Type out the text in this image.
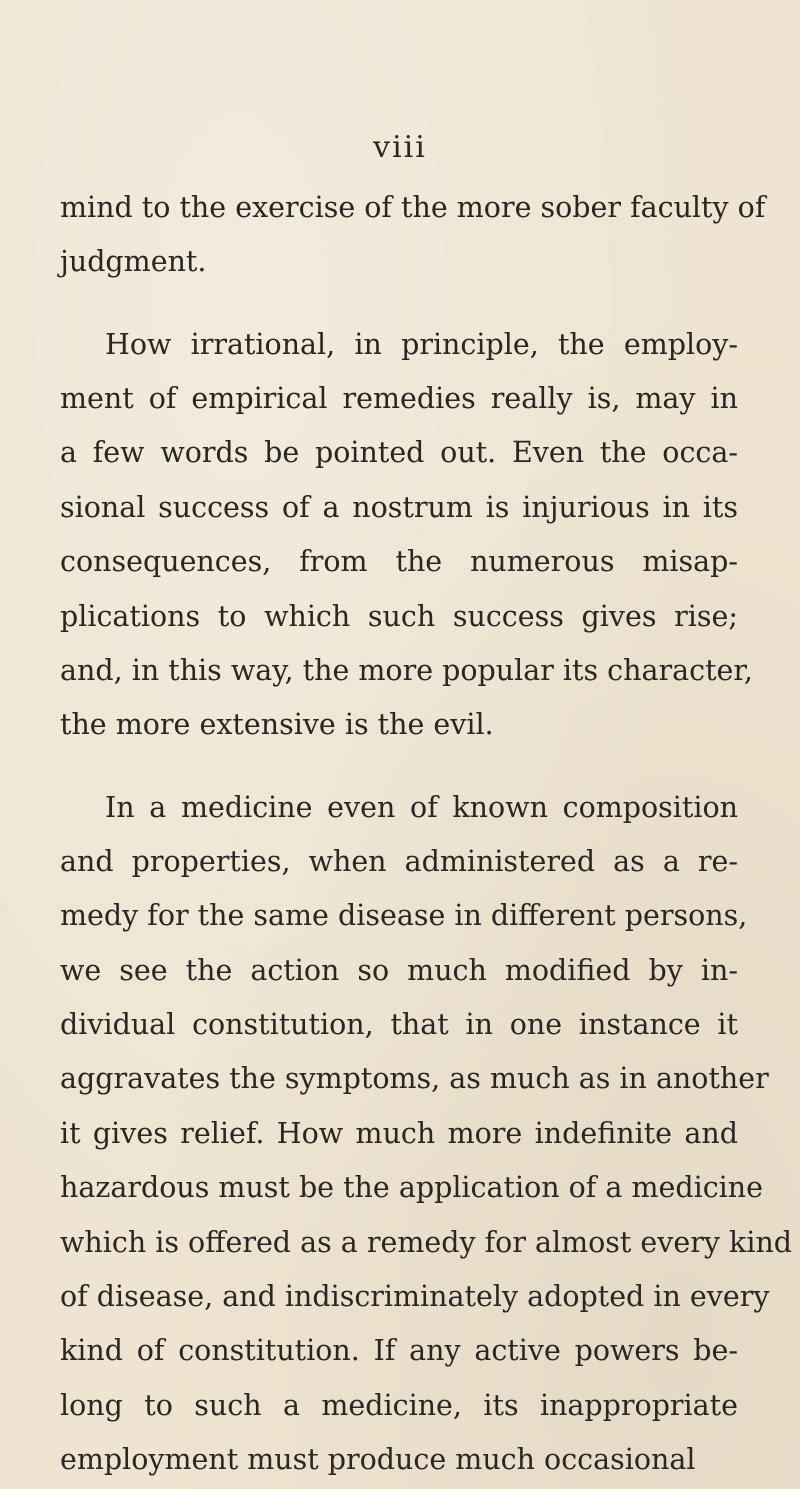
viii
mind to the exercise of the more sober faculty of
judgment.
How irrational, in principle, the employ-
ment of empirical remedies really is, may in
a few words be pointed out. Even the occa-
sional success of a nostrum is injurious in its
consequences, from the numerous misap-
plications to which such success gives rise;
and, in this way, the more popular its character,
the more extensive is the evil.
In a medicine even of known composition
and properties, when administered as a re-
medy for the same disease in different persons,
we see the action so much modified by in-
dividual constitution, that in one instance it
aggravates the symptoms, as much as in another
it gives relief. How much more indefinite and
hazardous must be the application of a medicine
which is offered as a remedy for almost every kind
of disease, and indiscriminately adopted in every
kind of constitution. If any active powers be-
long to such a medicine, its inappropriate
employment must produce much occasional
